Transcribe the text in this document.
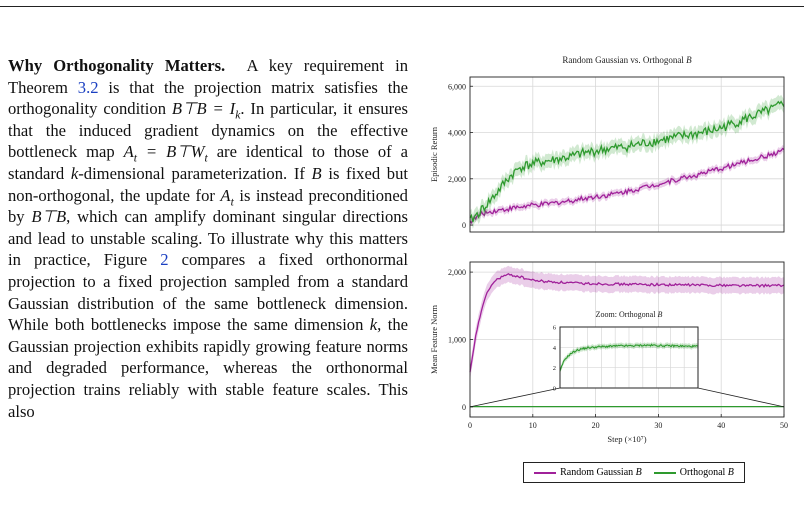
Why Orthogonality Matters. A key requirement in Theorem 3.2 is that the projection matrix satisfies the orthogonality condition B⊤B = $I_k$. In particular, it ensures that the induced gradient dynamics on the effective bottleneck map $A_t$ = $B⊤W_t$ are identical to those of a standard k-dimensional parameterization. If B is fixed but non-orthogonal, the update for $A_t$ is instead preconditioned by B⊤B, which can amplify dominant singular directions and lead to unstable scaling. To illustrate why this matters in practice, Figure 2 compares a fixed orthonormal projection to a fixed projection sampled from a standard Gaussian distribution of the same bottleneck dimension. While both bottlenecks impose the same dimension k, the Gaussian projection exhibits rapidly growing feature norms and degraded performance, whereas the orthonormal projection trains reliably with stable feature scales. This also
0
2,000
4,000
6,000
Episodic Return
Random Gaussian vs. Orthogonal B
0
1,000
2,000
Mean Feature Norm
0	10	20	30	40	50
Step (×10⁷)
0
2
4
6
Zoom: Orthogonal B
Random Gaussian B	Orthogonal B
